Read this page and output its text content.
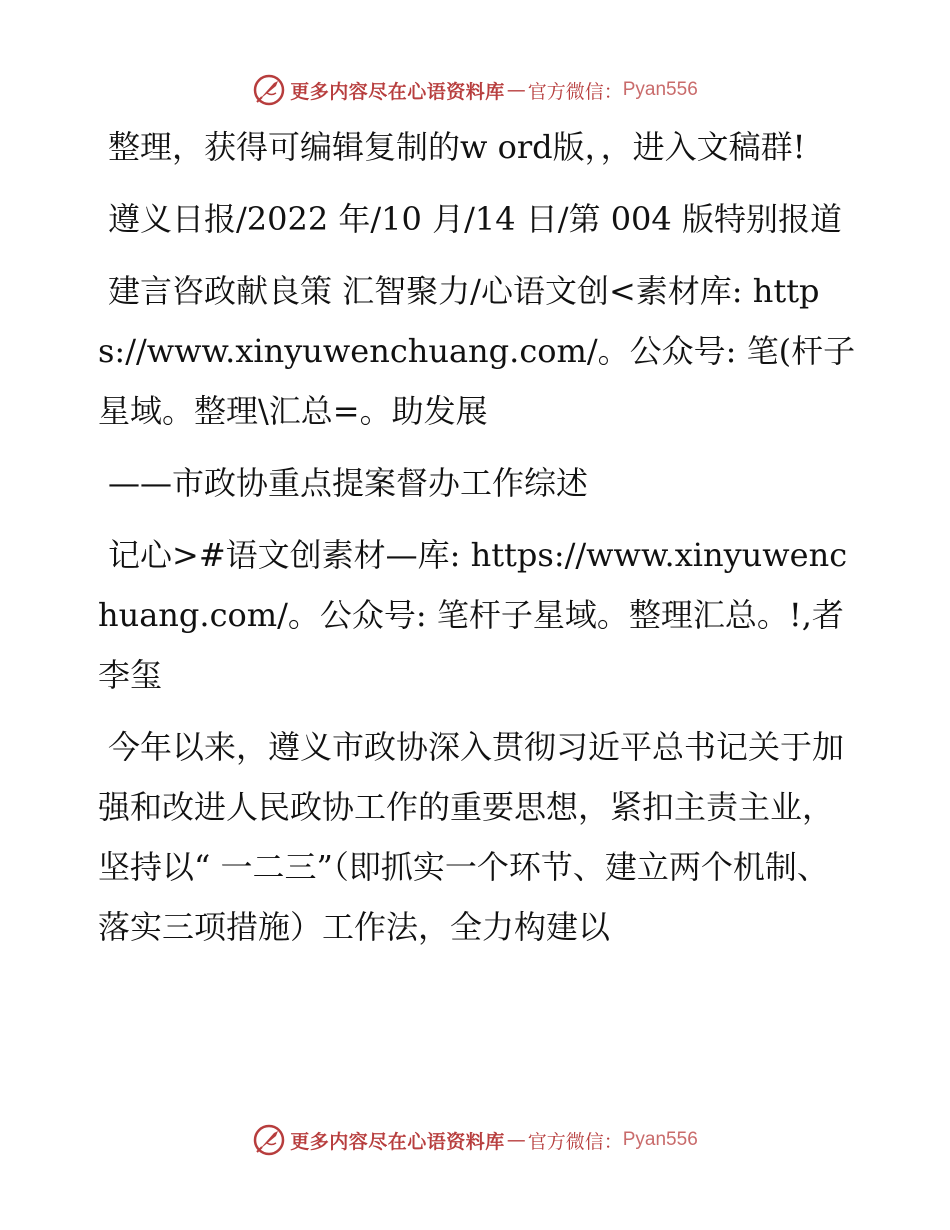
更多内容尽在心语资料库 — 官方微信： Pyan556

整理，获得可编辑复制的w ord版，，进入文稿群!

遵义日报/2022 年/10 月/14 日/第 004 版特别报道

建言咨政献良策 汇智聚力/心语文创<素材库: https://www.xinyuwenchuang.com/。公众号: 笔(杆子星域。整理\汇总=。助发展

——市政协重点提案督办工作综述

记心>#语文创素材—库: https://www.xinyuwenchuang.com/。公众号: 笔杆子星域。整理汇总。!,者 李玺

今年以来，遵义市政协深入贯彻习近平总书记关于加强和改进人民政协工作的重要思想，紧扣主责主业，坚持以“ 一二三”（即抓实一个环节、建立两个机制、落实三项措施）工作法，全力构建以

更多内容尽在心语资料库 — 官方微信： Pyan556
